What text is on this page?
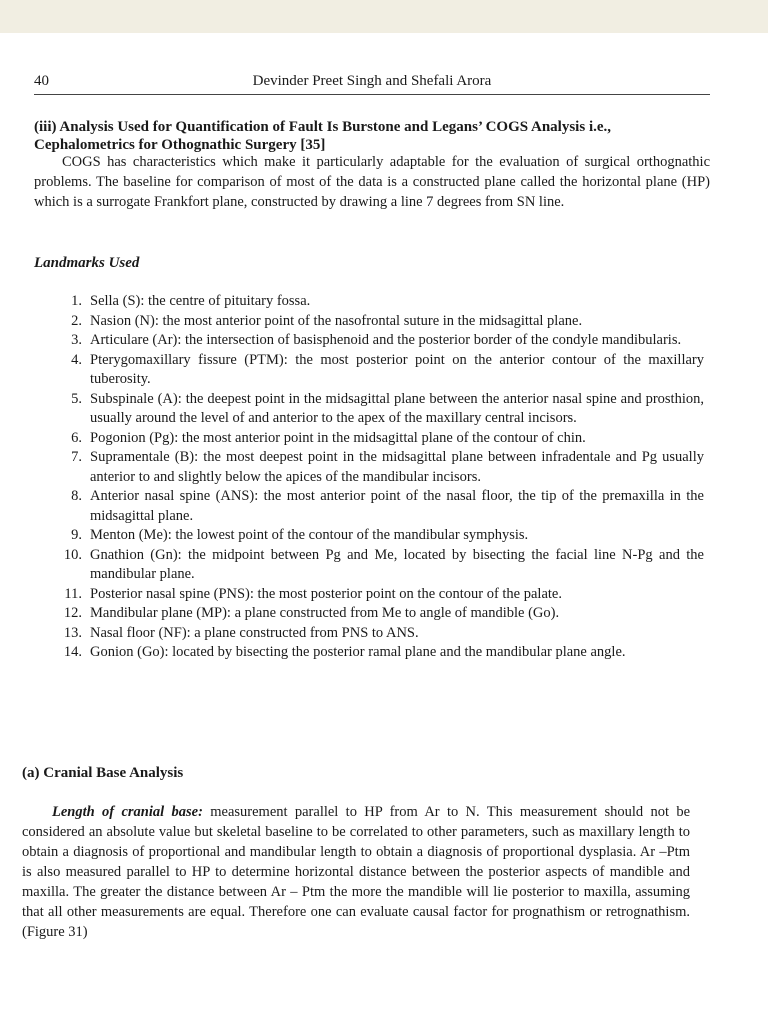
40	Devinder Preet Singh and Shefali Arora
(iii) Analysis Used for Quantification of Fault Is Burstone and Legans’ COGS Analysis i.e., Cephalometrics for Othognathic Surgery [35]

COGS has characteristics which make it particularly adaptable for the evaluation of surgical orthognathic problems. The baseline for comparison of most of the data is a constructed plane called the horizontal plane (HP) which is a surrogate Frankfort plane, constructed by drawing a line 7 degrees from SN line.

Landmarks Used
1. Sella (S): the centre of pituitary fossa.
2. Nasion (N): the most anterior point of the nasofrontal suture in the midsagittal plane.
3. Articulare (Ar): the intersection of basisphenoid and the posterior border of the condyle mandibularis.
4. Pterygomaxillary fissure (PTM): the most posterior point on the anterior contour of the maxillary tuberosity.
5. Subspinale (A): the deepest point in the midsagittal plane between the anterior nasal spine and prosthion, usually around the level of and anterior to the apex of the maxillary central incisors.
6. Pogonion (Pg): the most anterior point in the midsagittal plane of the contour of chin.
7. Supramentale (B): the most deepest point in the midsagittal plane between infradentale and Pg usually anterior to and slightly below the apices of the mandibular incisors.
8. Anterior nasal spine (ANS): the most anterior point of the nasal floor, the tip of the premaxilla in the midsagittal plane.
9. Menton (Me): the lowest point of the contour of the mandibular symphysis.
10. Gnathion (Gn): the midpoint between Pg and Me, located by bisecting the facial line N-Pg and the mandibular plane.
11. Posterior nasal spine (PNS): the most posterior point on the contour of the palate.
12. Mandibular plane (MP): a plane constructed from Me to angle of mandible (Go).
13. Nasal floor (NF): a plane constructed from PNS to ANS.
14. Gonion (Go): located by bisecting the posterior ramal plane and the mandibular plane angle.
(a) Cranial Base Analysis

Length of cranial base: measurement parallel to HP from Ar to N. This measurement should not be considered an absolute value but skeletal baseline to be correlated to other parameters, such as maxillary length to obtain a diagnosis of proportional and mandibular length to obtain a diagnosis of proportional dysplasia. Ar –Ptm is also measured parallel to HP to determine horizontal distance between the posterior aspects of mandible and maxilla. The greater the distance between Ar – Ptm the more the mandible will lie posterior to maxilla, assuming that all other measurements are equal. Therefore one can evaluate causal factor for prognathism or retrognathism. (Figure 31)
